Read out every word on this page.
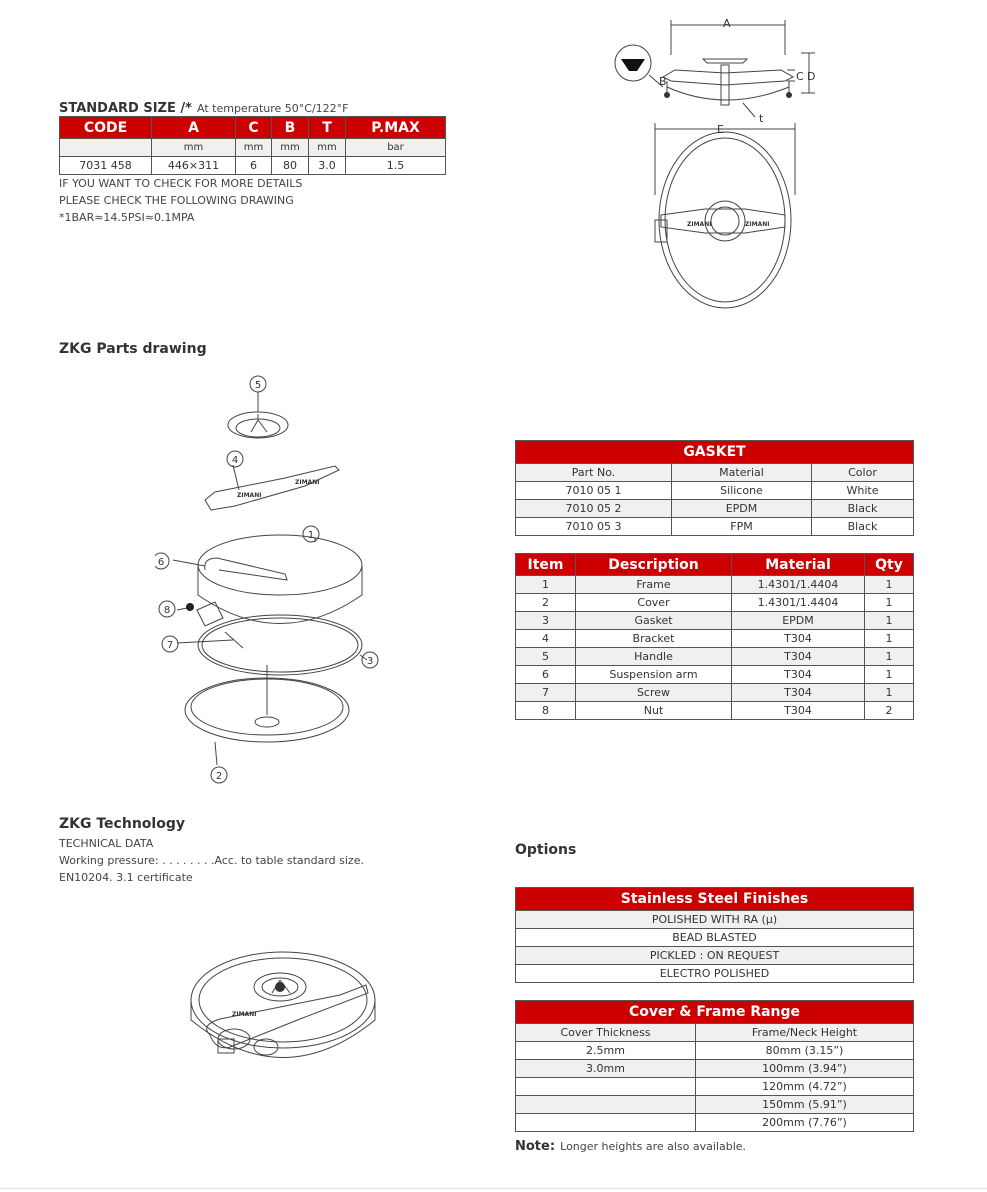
STANDARD SIZE /* At temperature 50°C/122°F
CODE	A	C	B	T	P.MAX
	mm	mm	mm	mm	bar
7031 458	446×311	6	80	3.0	1.5
IF YOU WANT TO CHECK FOR MORE DETAILS
PLEASE CHECK THE FOLLOWING DRAWING
*1BAR≈14.5PSI≈0.1MPA
A
B	C D
E
t
ZIMANI	ZIMANI
ZKG Parts drawing
5
4
1
2
3
6
7
8
ZIMANI
ZIMANI
GASKET
Part No.	Material	Color
7010 05 1	Silicone	White
7010 05 2	EPDM	Black
7010 05 3	FPM	Black
Item	Description	Material	Qty
1	Frame	1.4301/1.4404	1
2	Cover	1.4301/1.4404	1
3	Gasket	EPDM	1
4	Bracket	T304	1
5	Handle	T304	1
6	Suspension arm	T304	1
7	Screw	T304	1
8	Nut	T304	2
ZKG Technology
TECHNICAL DATA
Working pressure: . . . . . . . .Acc. to table standard size.
EN10204. 3.1 certificate
ZIMANI
Options
Stainless Steel Finishes
POLISHED WITH RA (μ)
BEAD BLASTED
PICKLED : ON REQUEST
ELECTRO POLISHED
Cover & Frame Range
Cover Thickness	Frame/Neck Height
2.5mm	80mm (3.15”)
3.0mm	100mm (3.94”)
	120mm (4.72”)
	150mm (5.91”)
	200mm (7.76”)
Note: Longer heights are also available.
